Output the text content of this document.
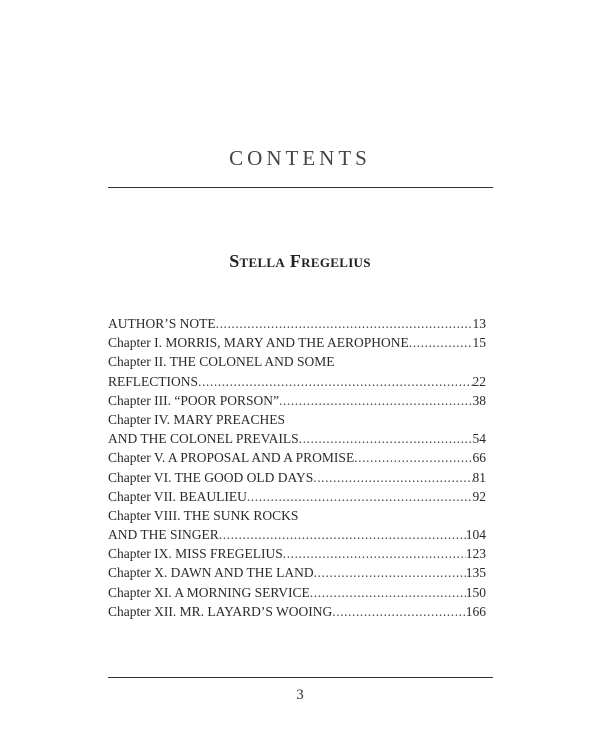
CONTENTS
Stella Fregelius
AUTHOR’S NOTE . . .	13
Chapter I. MORRIS, MARY AND THE AEROPHONE . . .	15
Chapter II. THE COLONEL AND SOME
REFLECTIONS . . .	22
Chapter III. “POOR PORSON” . . .	38
Chapter IV. MARY PREACHES
AND THE COLONEL PREVAILS . . .	54
Chapter V. A PROPOSAL AND A PROMISE . . .	66
Chapter VI. THE GOOD OLD DAYS . . .	81
Chapter VII. BEAULIEU . . .	92
Chapter VIII. THE SUNK ROCKS
AND THE SINGER . . .	104
Chapter IX. MISS FREGELIUS . . .	123
Chapter X. DAWN AND THE LAND . . .	135
Chapter XI. A MORNING SERVICE . . .	150
Chapter XII. MR. LAYARD’S WOOING . . .	166
3
